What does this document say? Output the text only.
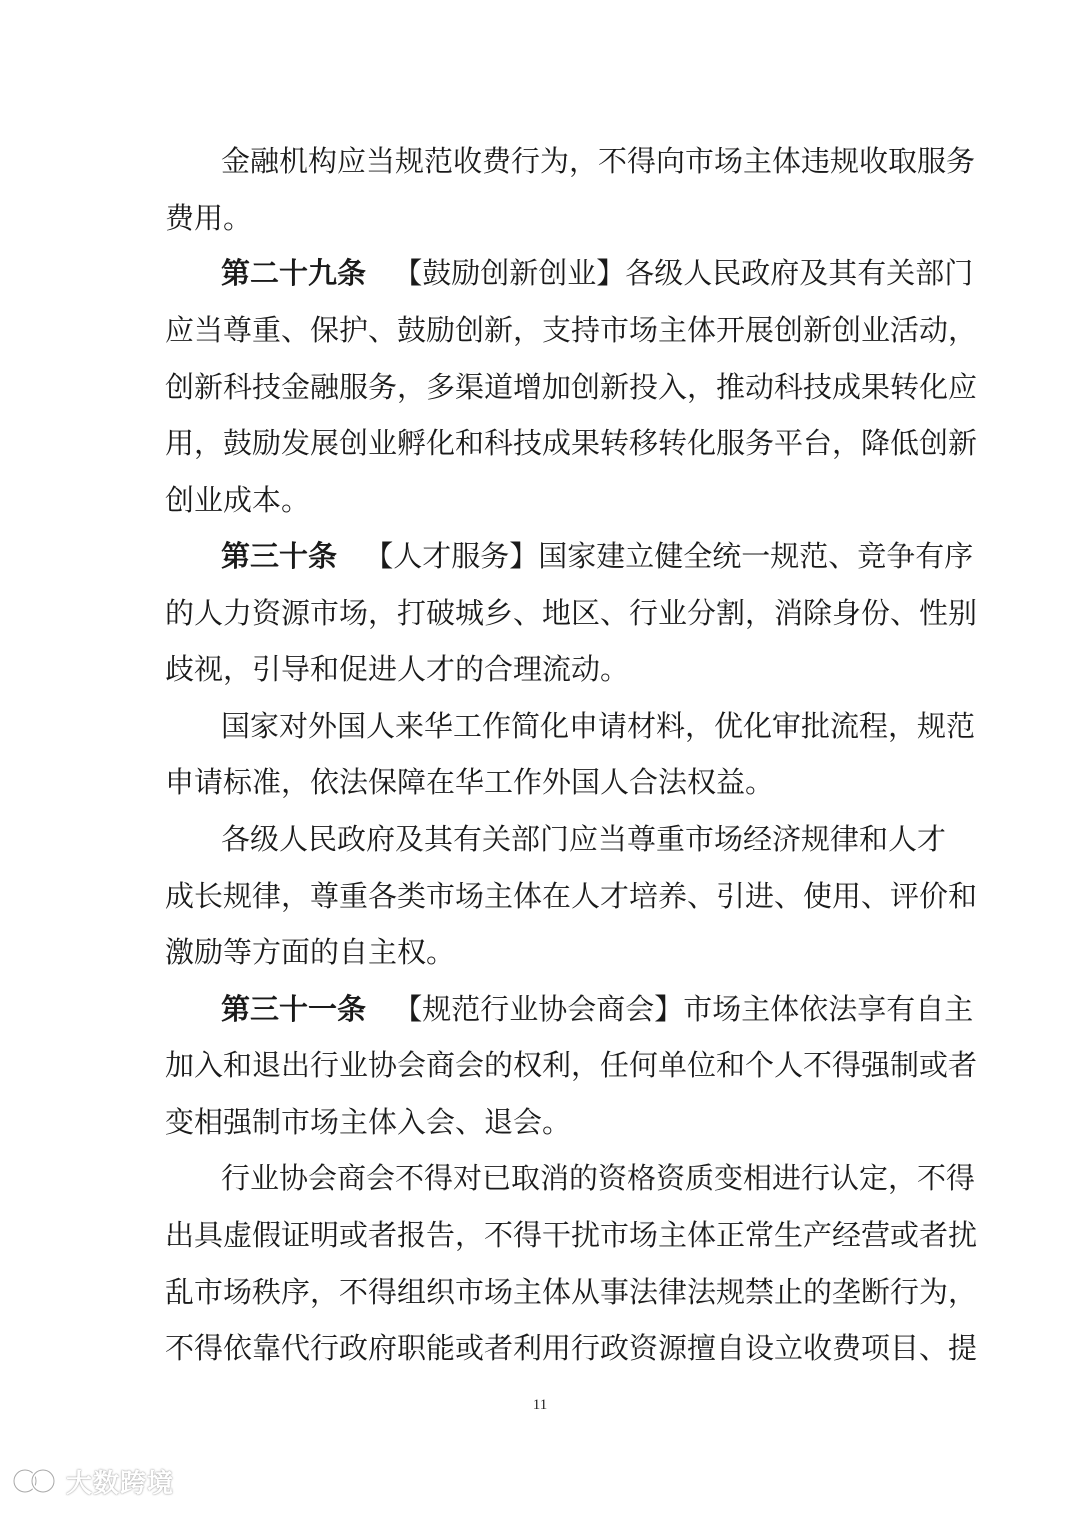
金融机构应当规范收费行为，不得向市场主体违规收取服务
费用。
第二十九条 【鼓励创新创业】各级人民政府及其有关部门
应当尊重、保护、鼓励创新，支持市场主体开展创新创业活动，
创新科技金融服务，多渠道增加创新投入，推动科技成果转化应
用，鼓励发展创业孵化和科技成果转移转化服务平台，降低创新
创业成本。
第三十条 【人才服务】国家建立健全统一规范、竞争有序
的人力资源市场，打破城乡、地区、行业分割，消除身份、性别
歧视，引导和促进人才的合理流动。
国家对外国人来华工作简化申请材料，优化审批流程，规范
申请标准，依法保障在华工作外国人合法权益。
各级人民政府及其有关部门应当尊重市场经济规律和人才
成长规律，尊重各类市场主体在人才培养、引进、使用、评价和
激励等方面的自主权。
第三十一条 【规范行业协会商会】市场主体依法享有自主
加入和退出行业协会商会的权利，任何单位和个人不得强制或者
变相强制市场主体入会、退会。
行业协会商会不得对已取消的资格资质变相进行认定，不得
出具虚假证明或者报告，不得干扰市场主体正常生产经营或者扰
乱市场秩序，不得组织市场主体从事法律法规禁止的垄断行为，
不得依靠代行政府职能或者利用行政资源擅自设立收费项目、提
11
大数跨境
